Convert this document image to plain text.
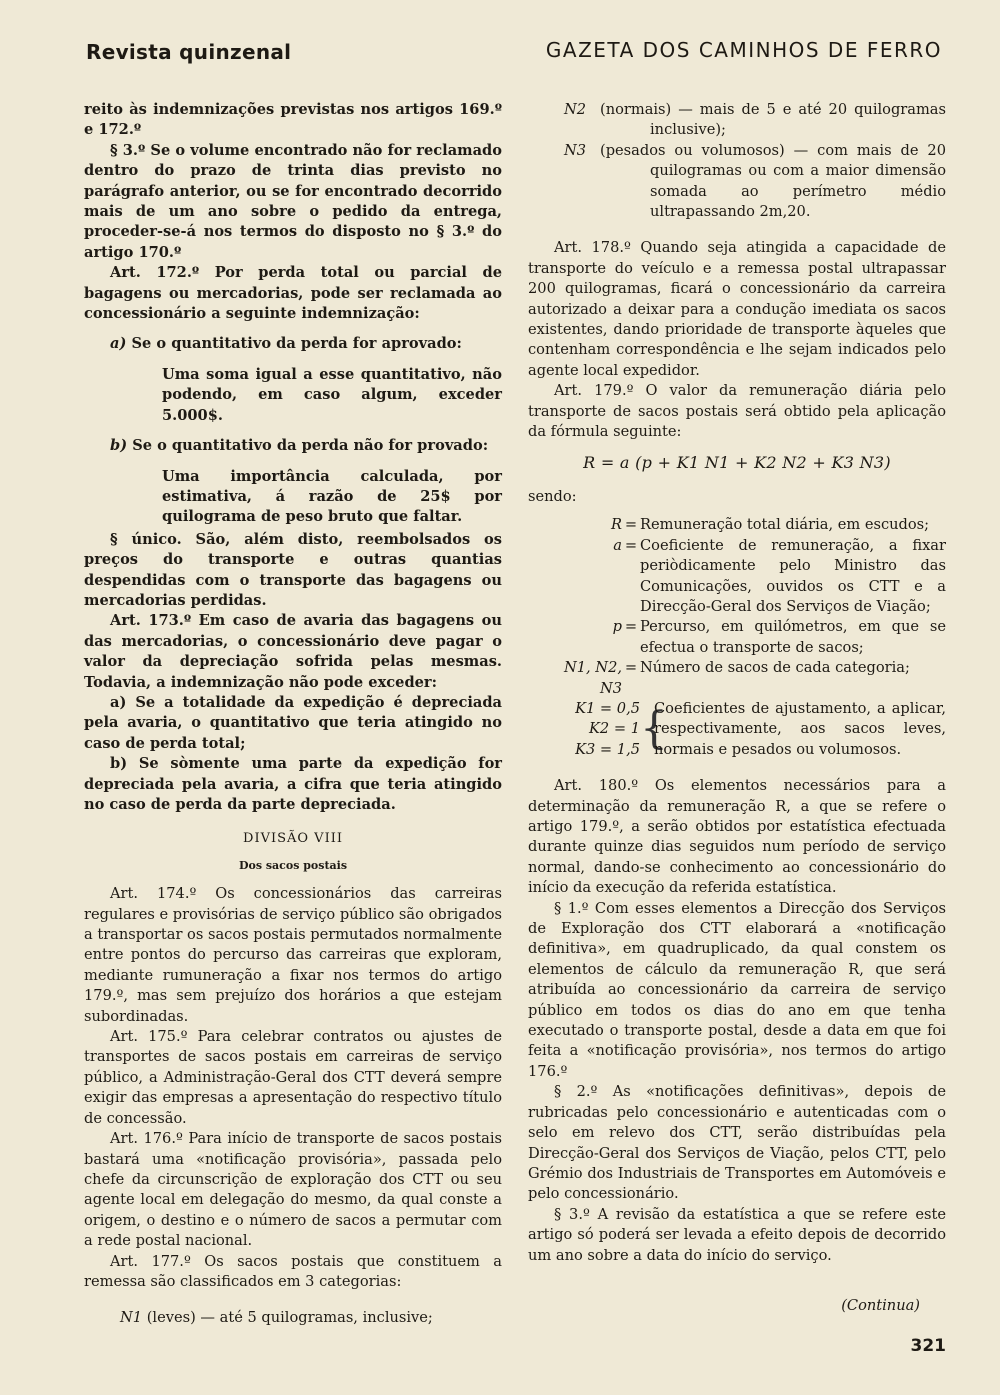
Revista quinzenal	GAZETA DOS CAMINHOS DE FERRO

reito às indemnizações previstas nos artigos 169.º e 172.º

§ 3.º Se o volume encontrado não for reclamado dentro do prazo de trinta dias previsto no parágrafo anterior, ou se for encontrado decorrido mais de um ano sobre o pedido da entrega, proceder-se-á nos termos do disposto no § 3.º do artigo 170.º

Art. 172.º Por perda total ou parcial de bagagens ou mercadorias, pode ser reclamada ao concessionário a seguinte indemnização:

a) Se o quantitativo da perda for aprovado:

Uma soma igual a esse quantitativo, não podendo, em caso algum, exceder 5.000$.

b) Se o quantitativo da perda não for provado:

Uma importância calculada, por estimativa, á razão de 25$ por quilograma de peso bruto que faltar.

§ único. São, além disto, reembolsados os preços do transporte e outras quantias despendidas com o transporte das bagagens ou mercadorias perdidas.

Art. 173.º Em caso de avaria das bagagens ou das mercadorias, o concessionário deve pagar o valor da depreciação sofrida pelas mesmas. Todavia, a indemnização não pode exceder:

a) Se a totalidade da expedição é depreciada pela avaria, o quantitativo que teria atingido no caso de perda total;

b) Se sòmente uma parte da expedição for depreciada pela avaria, a cifra que teria atingido no caso de perda da parte depreciada.

DIVISÃO VIII
Dos sacos postais

Art. 174.º Os concessionários das carreiras regulares e provisórias de serviço público são obrigados a transportar os sacos postais permutados normalmente entre pontos do percurso das carreiras que exploram, mediante rumuneração a fixar nos termos do artigo 179.º, mas sem prejuízo dos horários a que estejam subordinadas.

Art. 175.º Para celebrar contratos ou ajustes de transportes de sacos postais em carreiras de serviço público, a Administração-Geral dos CTT deverá sempre exigir das empresas a apresentação do respectivo título de concessão.

Art. 176.º Para início de transporte de sacos postais bastará uma «notificação provisória», passada pelo chefe da circunscrição de exploração dos CTT ou seu agente local em delegação do mesmo, da qual conste a origem, o destino e o número de sacos a permutar com a rede postal nacional.

Art. 177.º Os sacos postais que constituem a remessa são classificados em 3 categorias:

N1 (leves) — até 5 quilogramas, inclusive;

N2 (normais) — mais de 5 e até 20 quilogramas inclusive);
N3 (pesados ou volumosos) — com mais de 20 quilogramas ou com a maior dimensão somada ao perímetro médio ultrapassando 2m,20.

Art. 178.º Quando seja atingida a capacidade de transporte do veículo e a remessa postal ultrapassar 200 quilogramas, ficará o concessionário da carreira autorizado a deixar para a condução imediata os sacos existentes, dando prioridade de transporte àqueles que contenham correspondência e lhe sejam indicados pelo agente local expedidor.

Art. 179.º O valor da remuneração diária pelo transporte de sacos postais será obtido pela aplicação da fórmula seguinte:

R = a (p + K1 N1 + K2 N2 + K3 N3)

sendo:

R = Remuneração total diária, em escudos;
a = Coeficiente de remuneração, a fixar periòdicamente pelo Ministro das Comunicações, ouvidos os CTT e a Direcção-Geral dos Serviços de Viação;
p = Percurso, em quilómetros, em que se efectua o transporte de sacos;
N1, N2, N3
= Número de sacos de cada categoria;
K1 = 0,5
K2 = 1
K3 = 1,5 {
Coeficientes de ajustamento, a aplicar, respectivamente, aos sacos leves, normais e pesados ou volumosos.

Art. 180.º Os elementos necessários para a determinação da remuneração R, a que se refere o artigo 179.º, a serão obtidos por estatística efectuada durante quinze dias seguidos num período de serviço normal, dando-se conhecimento ao concessionário do início da execução da referida estatística.

§ 1.º Com esses elementos a Direcção dos Serviços de Exploração dos CTT elaborará a «notificação definitiva», em quadruplicado, da qual constem os elementos de cálculo da remuneração R, que será atribuída ao concessionário da carreira de serviço público em todos os dias do ano em que tenha executado o transporte postal, desde a data em que foi feita a «notificação provisória», nos termos do artigo 176.º

§ 2.º As «notificações definitivas», depois de rubricadas pelo concessionário e autenticadas com o selo em relevo dos CTT, serão distribuídas pela Direcção-Geral dos Serviços de Viação, pelos CTT, pelo Grémio dos Industriais de Transportes em Automóveis e pelo concessionário.

§ 3.º A revisão da estatística a que se refere este artigo só poderá ser levada a efeito depois de decorrido um ano sobre a data do início do serviço.

(Continua)

321
